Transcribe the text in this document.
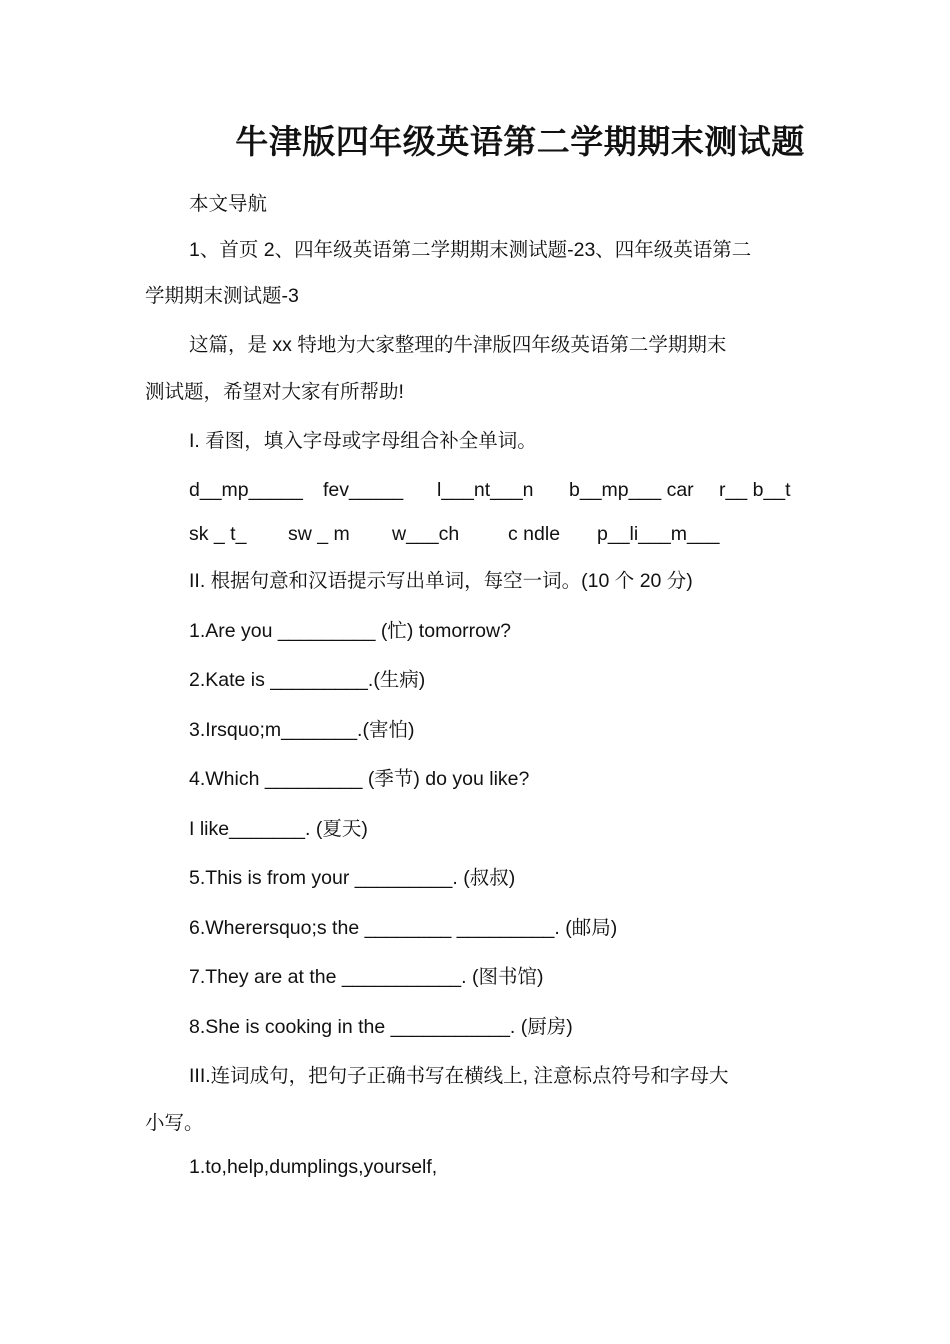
牛津版四年级英语第二学期期末测试题
本文导航
1、首页 2、四年级英语第二学期期末测试题-23、四年级英语第二
学期期末测试题-3
这篇，是 xx 特地为大家整理的牛津版四年级英语第二学期期末
测试题，希望对大家有所帮助!
I. 看图，填入字母或字母组合补全单词。
d__mp_____ fev_____ l___nt___n b__mp___ car r__ b__t
sk _ t_ sw _ m w___ch	c ndle p__li___m___
II. 根据句意和汉语提示写出单词，每空一词。(10 个 20 分)
1.Are you _________ (忙) tomorrow?
2.Kate is _________.(生病)
3.Irsquo;m_______.(害怕)
4.Which _________ (季节) do you like?
I like_______. (夏天)
5.This is from your _________. (叔叔)
6.Wherersquo;s the ________ _________. (邮局)
7.They are at the ___________. (图书馆)
8.She is cooking in the ___________. (厨房)
III.连词成句，把句子正确书写在横线上, 注意标点符号和字母大
小写。
1.to,help,dumplings,yourself,
